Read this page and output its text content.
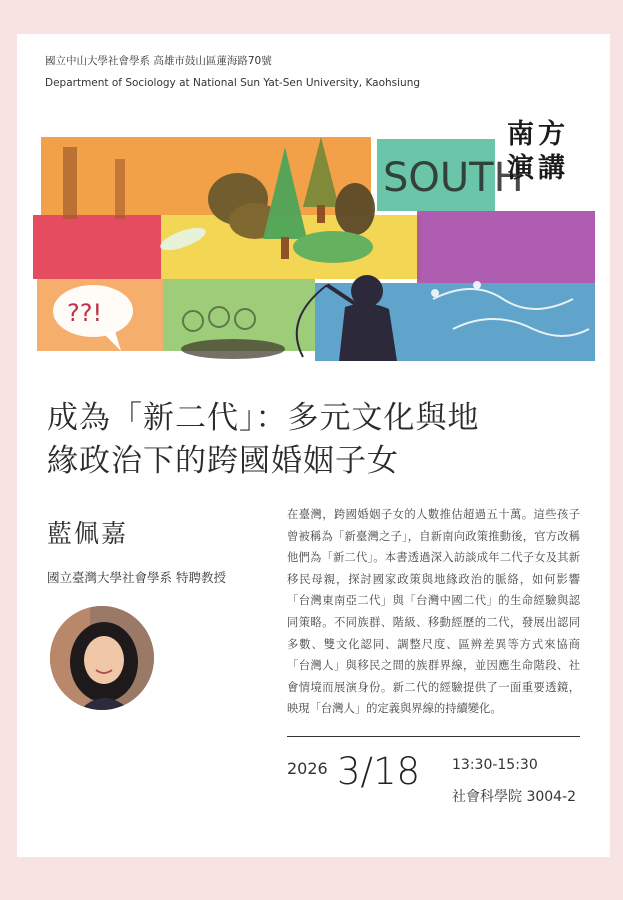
國立中山大學社會學系 高雄市鼓山區蓮海路70號
Department of Sociology at National Sun Yat-Sen University, Kaohsiung
SOUTH
??!
南方
演講
成為「新二代」：多元文化與地
緣政治下的跨國婚姻子女
藍佩嘉
國立臺灣大學社會學系 特聘教授
在臺灣，跨國婚姻子女的人數推估超過五十萬。這些孩子曾被稱為「新臺灣之子」，自新南向政策推動後，官方改稱他們為「新二代」。本書透過深入訪談成年二代子女及其新移民母親，探討國家政策與地緣政治的脈絡，如何影響「台灣東南亞二代」與「台灣中國二代」的生命經驗與認同策略。不同族群、階級、移動經歷的二代，發展出認同多數、雙文化認同、調整尺度、區辨差異等方式來協商「台灣人」與移民之間的族群界線，並因應生命階段、社會情境而展演身份。新二代的經驗提供了一面重要透鏡，映現「台灣人」的定義與界線的持續變化。
2026 3/18 13:30-15:30
社會科學院 3004-2
